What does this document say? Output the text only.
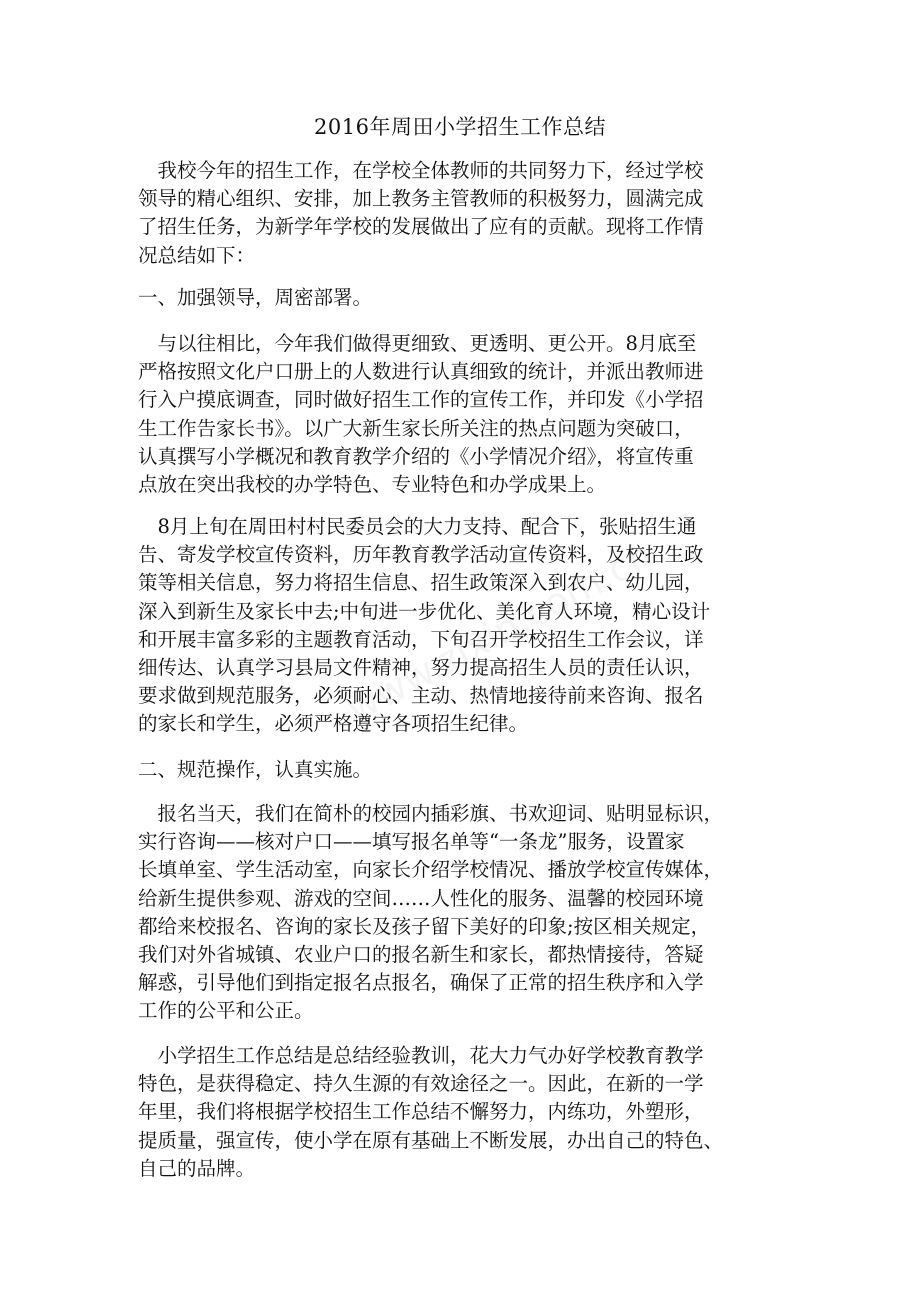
2016年周田小学招生工作总结
　我校今年的招生工作，在学校全体教师的共同努力下，经过学校
领导的精心组织、安排，加上教务主管教师的积极努力，圆满完成
了招生任务，为新学年学校的发展做出了应有的贡献。现将工作情
况总结如下：
一、加强领导，周密部署。
　与以往相比，今年我们做得更细致、更透明、更公开。8月底至
严格按照文化户口册上的人数进行认真细致的统计，并派出教师进
行入户摸底调查，同时做好招生工作的宣传工作，并印发《小学招
生工作告家长书》。以广大新生家长所关注的热点问题为突破口，
认真撰写小学概况和教育教学介绍的《小学情况介绍》，将宣传重
点放在突出我校的办学特色、专业特色和办学成果上。
　8月上旬在周田村村民委员会的大力支持、配合下，张贴招生通
告、寄发学校宣传资料，历年教育教学活动宣传资料，及校招生政
策等相关信息，努力将招生信息、招生政策深入到农户、幼儿园，
深入到新生及家长中去;中旬进一步优化、美化育人环境，精心设计
和开展丰富多彩的主题教育活动，下旬召开学校招生工作会议，详
细传达、认真学习县局文件精神，努力提高招生人员的责任认识，
要求做到规范服务，必须耐心、主动、热情地接待前来咨询、报名
的家长和学生，必须严格遵守各项招生纪律。
二、规范操作，认真实施。
　报名当天，我们在简朴的校园内插彩旗、书欢迎词、贴明显标识，
实行咨询——核对户口——填写报名单等“一条龙”服务，设置家
长填单室、学生活动室，向家长介绍学校情况、播放学校宣传媒体，
给新生提供参观、游戏的空间……人性化的服务、温馨的校园环境
都给来校报名、咨询的家长及孩子留下美好的印象;按区相关规定，
我们对外省城镇、农业户口的报名新生和家长，都热情接待，答疑
解惑，引导他们到指定报名点报名，确保了正常的招生秩序和入学
工作的公平和公正。
　小学招生工作总结是总结经验教训，花大力气办好学校教育教学
特色，是获得稳定、持久生源的有效途径之一。因此，在新的一学
年里，我们将根据学校招生工作总结不懈努力，内练功，外塑形，
提质量，强宣传，使小学在原有基础上不断发展，办出自己的特色、
自己的品牌。
